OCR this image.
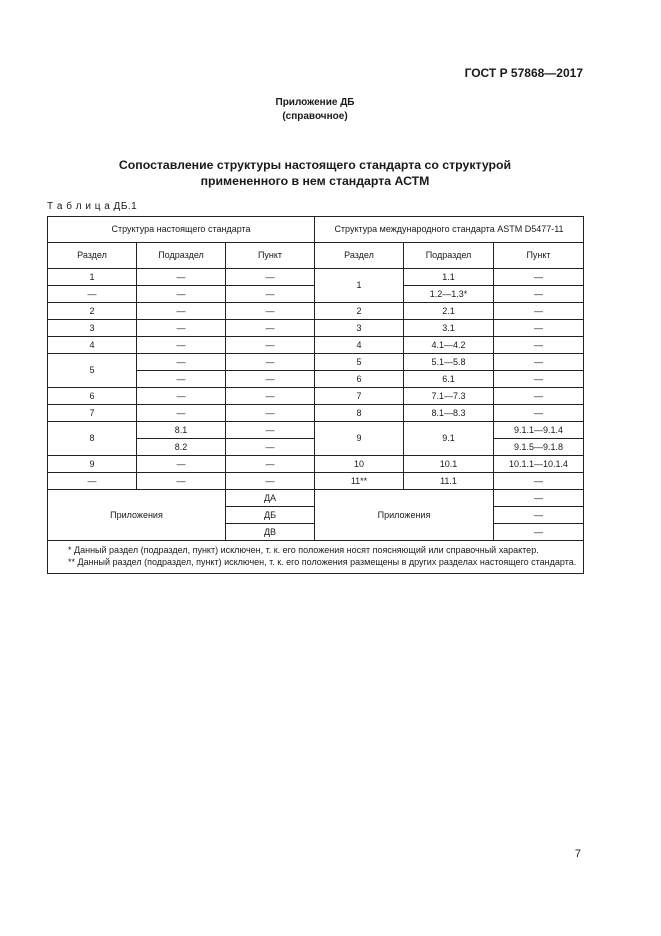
ГОСТ Р 57868—2017
Приложение ДБ
(справочное)
Сопоставление структуры настоящего стандарта со структурой
примененного в нем стандарта АСТМ
Т а б л и ц а ДБ.1
Структура настоящего стандарта			Структура международного стандарта ASTM D5477-11		
Раздел	Подраздел	Пункт	Раздел	Подраздел	Пункт
1	—	—	1	1.1	—
—	—	—		1.2—1.3*	—
2	—	—	2	2.1	—
3	—	—	3	3.1	—
4	—	—	4	4.1—4.2	—
5	—	—	5	5.1—5.8	—
	—	—	6	6.1	—
6	—	—	7	7.1—7.3	—
7	—	—	8	8.1—8.3	—
8	8.1	—	9	9.1	9.1.1—9.1.4
	8.2	—			9.1.5—9.1.8
9	—	—	10	10.1	10.1.1—10.1.4
—	—	—	11**	11.1	—
Приложения		ДА	Приложения		—
		ДБ			—
		ДВ			—

* Данный раздел (подраздел, пункт) исключен, т. к. его положения носят поясняющий или справочный характер.
** Данный раздел (подраздел, пункт) исключен, т. к. его положения размещены в других разделах настоящего стандарта.					
7
